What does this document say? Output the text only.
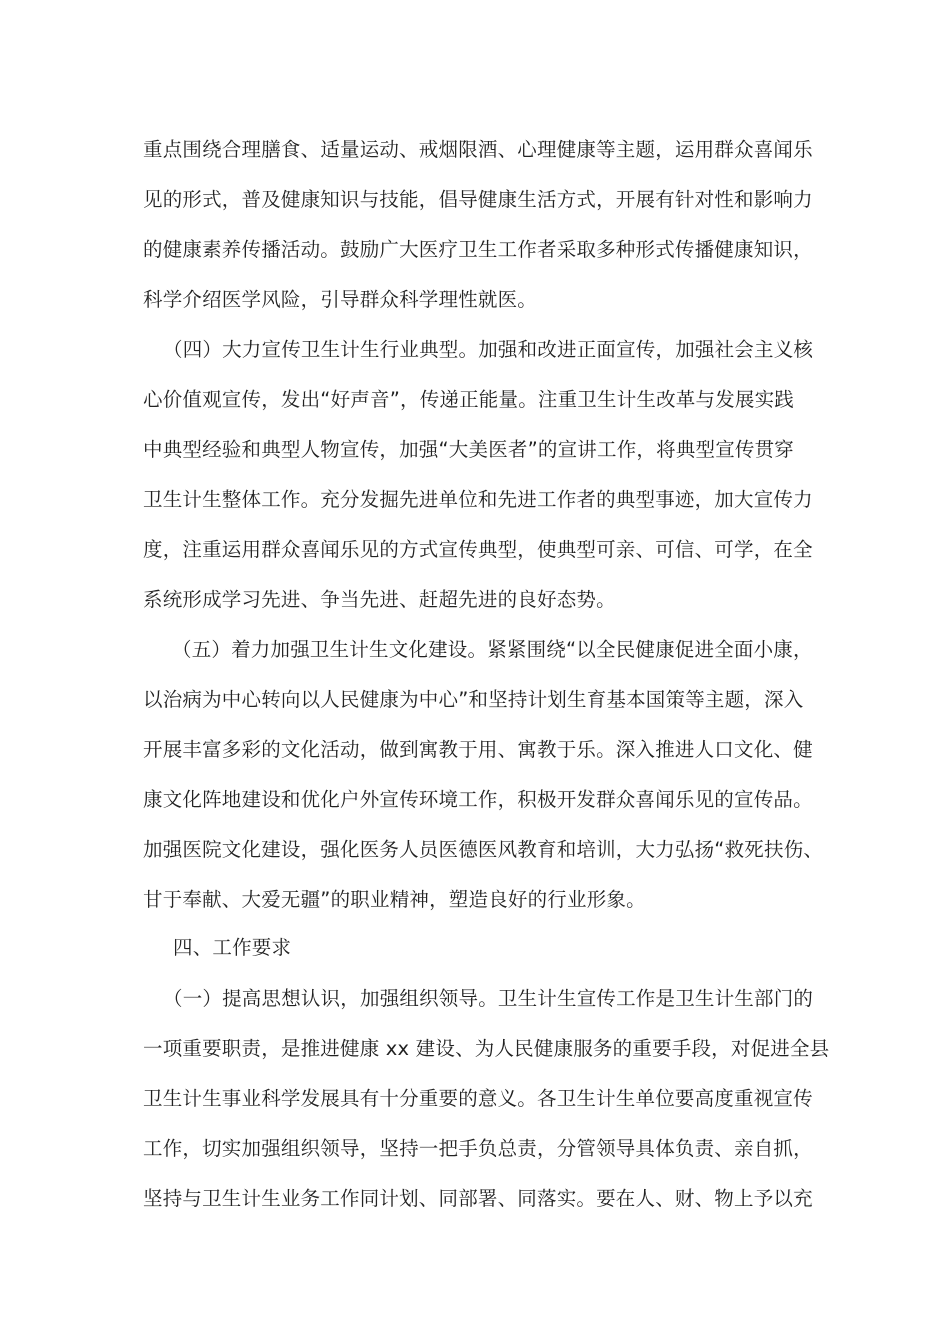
重点围绕合理膳食、适量运动、戒烟限酒、心理健康等主题，运用群众喜闻乐

见的形式，普及健康知识与技能，倡导健康生活方式，开展有针对性和影响力

的健康素养传播活动。鼓励广大医疗卫生工作者采取多种形式传播健康知识，

科学介绍医学风险，引导群众科学理性就医。

（四）大力宣传卫生计生行业典型。加强和改进正面宣传，加强社会主义核

心价值观宣传，发出“好声音”，传递正能量。注重卫生计生改革与发展实践

中典型经验和典型人物宣传，加强“大美医者”的宣讲工作，将典型宣传贯穿

卫生计生整体工作。充分发掘先进单位和先进工作者的典型事迹，加大宣传力

度，注重运用群众喜闻乐见的方式宣传典型，使典型可亲、可信、可学，在全

系统形成学习先进、争当先进、赶超先进的良好态势。

（五）着力加强卫生计生文化建设。紧紧围绕“以全民健康促进全面小康，

以治病为中心转向以人民健康为中心”和坚持计划生育基本国策等主题，深入

开展丰富多彩的文化活动，做到寓教于用、寓教于乐。深入推进人口文化、健

康文化阵地建设和优化户外宣传环境工作，积极开发群众喜闻乐见的宣传品。

加强医院文化建设，强化医务人员医德医风教育和培训，大力弘扬“救死扶伤、

甘于奉献、大爱无疆”的职业精神，塑造良好的行业形象。

四、工作要求

（一）提高思想认识，加强组织领导。卫生计生宣传工作是卫生计生部门的

一项重要职责，是推进健康 xx 建设、为人民健康服务的重要手段，对促进全县

卫生计生事业科学发展具有十分重要的意义。各卫生计生单位要高度重视宣传

工作，切实加强组织领导，坚持一把手负总责，分管领导具体负责、亲自抓，

坚持与卫生计生业务工作同计划、同部署、同落实。要在人、财、物上予以充
